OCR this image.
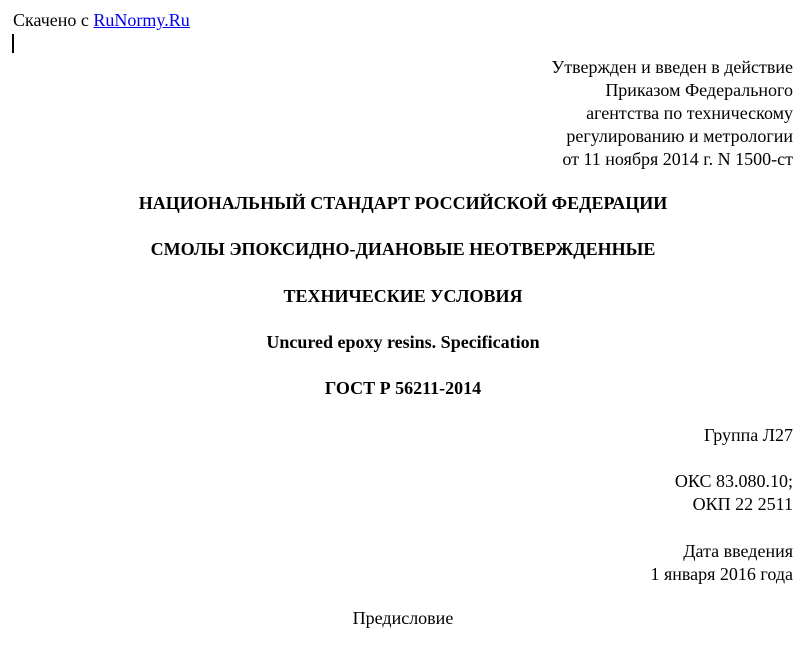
Скачено с RuNormy.Ru
Утвержден и введен в действие
Приказом Федерального
агентства по техническому
регулированию и метрологии
от 11 ноября 2014 г. N 1500-ст
НАЦИОНАЛЬНЫЙ СТАНДАРТ РОССИЙСКОЙ ФЕДЕРАЦИИ
СМОЛЫ ЭПОКСИДНО-ДИАНОВЫЕ НЕОТВЕРЖДЕННЫЕ
ТЕХНИЧЕСКИЕ УСЛОВИЯ
Uncured epoxy resins. Specification
ГОСТ Р 56211-2014
Группа Л27
ОКС 83.080.10;
ОКП 22 2511
Дата введения
1 января 2016 года
Предисловие
